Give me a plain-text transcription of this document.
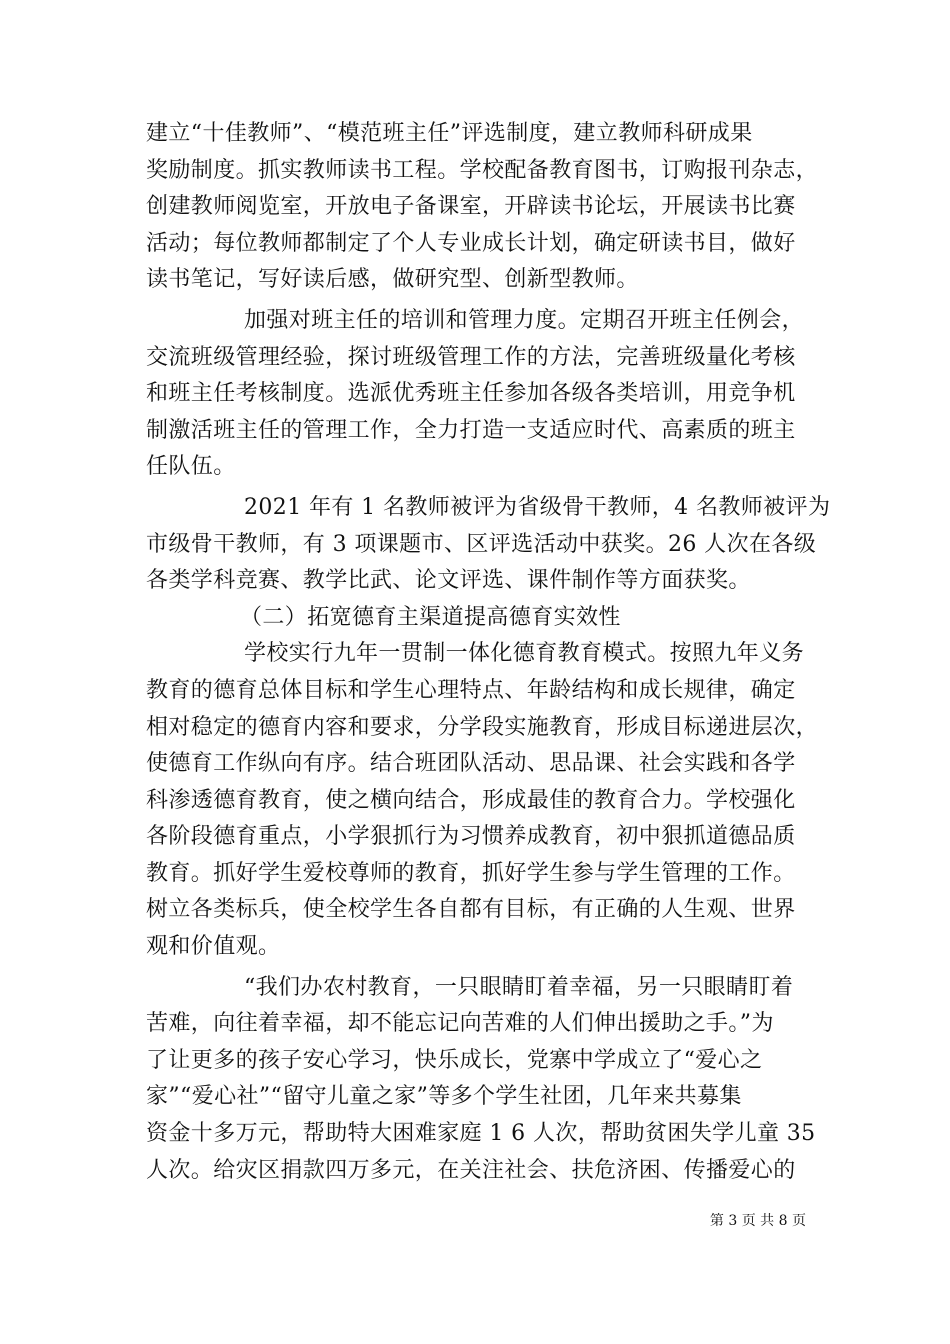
建立“十佳教师”、“模范班主任”评选制度，建立教师科研成果
奖励制度。抓实教师读书工程。学校配备教育图书，订购报刊杂志，
创建教师阅览室，开放电子备课室，开辟读书论坛，开展读书比赛
活动；每位教师都制定了个人专业成长计划，确定研读书目，做好
读书笔记，写好读后感，做研究型、创新型教师。
加强对班主任的培训和管理力度。定期召开班主任例会，
交流班级管理经验，探讨班级管理工作的方法，完善班级量化考核
和班主任考核制度。选派优秀班主任参加各级各类培训，用竞争机
制激活班主任的管理工作，全力打造一支适应时代、高素质的班主
任队伍。
2021 年有 1 名教师被评为省级骨干教师，4 名教师被评为
市级骨干教师，有 3 项课题市、区评选活动中获奖。26 人次在各级
各类学科竞赛、教学比武、论文评选、课件制作等方面获奖。
（二）拓宽德育主渠道提高德育实效性
学校实行九年一贯制一体化德育教育模式。按照九年义务
教育的德育总体目标和学生心理特点、年龄结构和成长规律，确定
相对稳定的德育内容和要求，分学段实施教育，形成目标递进层次，
使德育工作纵向有序。结合班团队活动、思品课、社会实践和各学
科渗透德育教育，使之横向结合，形成最佳的教育合力。学校强化
各阶段德育重点，小学狠抓行为习惯养成教育，初中狠抓道德品质
教育。抓好学生爱校尊师的教育，抓好学生参与学生管理的工作。
树立各类标兵，使全校学生各自都有目标，有正确的人生观、世界
观和价值观。
“我们办农村教育，一只眼睛盯着幸福，另一只眼睛盯着
苦难，向往着幸福，却不能忘记向苦难的人们伸出援助之手。”为
了让更多的孩子安心学习，快乐成长，党寨中学成立了“爱心之
家”“爱心社”“留守儿童之家”等多个学生社团，几年来共募集
资金十多万元，帮助特大困难家庭 1 6 人次，帮助贫困失学儿童 35
人次。给灾区捐款四万多元，在关注社会、扶危济困、传播爱心的
第 3 页 共 8 页
